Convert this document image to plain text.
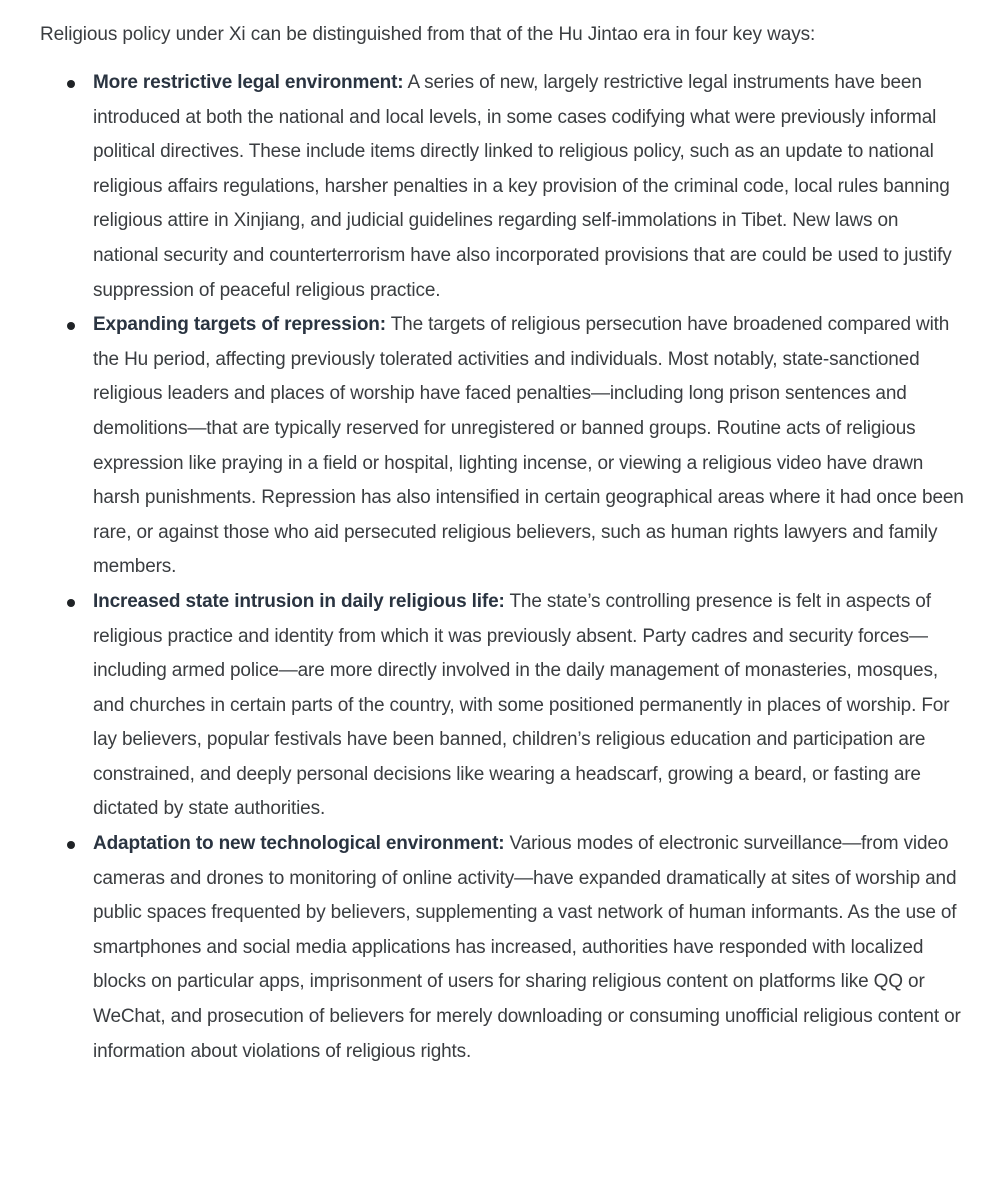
Religious policy under Xi can be distinguished from that of the Hu Jintao era in four key ways:

More restrictive legal environment: A series of new, largely restrictive legal instruments have been introduced at both the national and local levels, in some cases codifying what were previously informal political directives. These include items directly linked to religious policy, such as an update to national religious affairs regulations, harsher penalties in a key provision of the criminal code, local rules banning religious attire in Xinjiang, and judicial guidelines regarding self-immolations in Tibet. New laws on national security and counterterrorism have also incorporated provisions that are could be used to justify suppression of peaceful religious practice.
Expanding targets of repression: The targets of religious persecution have broadened compared with the Hu period, affecting previously tolerated activities and individuals. Most notably, state-sanctioned religious leaders and places of worship have faced penalties—including long prison sentences and demolitions—that are typically reserved for unregistered or banned groups. Routine acts of religious expression like praying in a field or hospital, lighting incense, or viewing a religious video have drawn harsh punishments. Repression has also intensified in certain geographical areas where it had once been rare, or against those who aid persecuted religious believers, such as human rights lawyers and family members.
Increased state intrusion in daily religious life: The state’s controlling presence is felt in aspects of religious practice and identity from which it was previously absent. Party cadres and security forces—including armed police—are more directly involved in the daily management of monasteries, mosques, and churches in certain parts of the country, with some positioned permanently in places of worship. For lay believers, popular festivals have been banned, children’s religious education and participation are constrained, and deeply personal decisions like wearing a headscarf, growing a beard, or fasting are dictated by state authorities.
Adaptation to new technological environment: Various modes of electronic surveillance—from video cameras and drones to monitoring of online activity—have expanded dramatically at sites of worship and public spaces frequented by believers, supplementing a vast network of human informants. As the use of smartphones and social media applications has increased, authorities have responded with localized blocks on particular apps, imprisonment of users for sharing religious content on platforms like QQ or WeChat, and prosecution of believers for merely downloading or consuming unofficial religious content or information about violations of religious rights.
